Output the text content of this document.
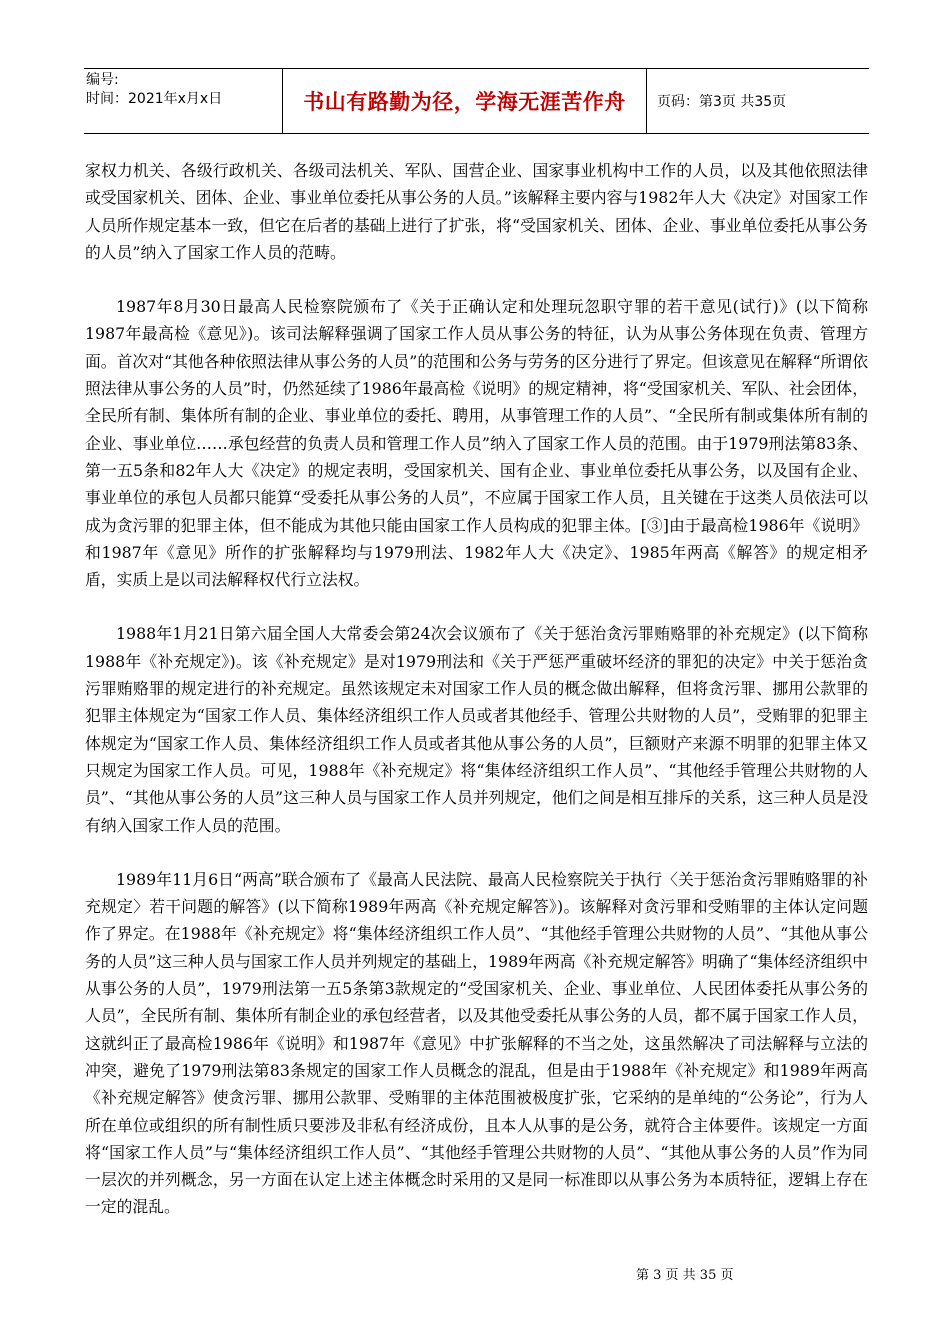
编号:
时间：2021年x月x日	书山有路勤为径，学海无涯苦作舟 页码：第3页 共35页

家权力机关、各级行政机关、各级司法机关、军队、国营企业、国家事业机构中工作的人员，以及其他依照法律或受国家机关、团体、企业、事业单位委托从事公务的人员。”该解释主要内容与1982年人大《决定》对国家工作人员所作规定基本一致，但它在后者的基础上进行了扩张，将“受国家机关、团体、企业、事业单位委托从事公务的人员”纳入了国家工作人员的范畴。

1987年8月30日最高人民检察院颁布了《关于正确认定和处理玩忽职守罪的若干意见(试行)》(以下简称1987年最高检《意见》)。该司法解释强调了国家工作人员从事公务的特征，认为从事公务体现在负责、管理方面。首次对“其他各种依照法律从事公务的人员”的范围和公务与劳务的区分进行了界定。但该意见在解释“所谓依照法律从事公务的人员”时，仍然延续了1986年最高检《说明》的规定精神，将“受国家机关、军队、社会团体，全民所有制、集体所有制的企业、事业单位的委托、聘用，从事管理工作的人员”、“全民所有制或集体所有制的企业、事业单位……承包经营的负责人员和管理工作人员”纳入了国家工作人员的范围。由于1979刑法第83条、第一五5条和82年人大《决定》的规定表明，受国家机关、国有企业、事业单位委托从事公务，以及国有企业、事业单位的承包人员都只能算“受委托从事公务的人员”，不应属于国家工作人员，且关键在于这类人员依法可以成为贪污罪的犯罪主体，但不能成为其他只能由国家工作人员构成的犯罪主体。[③]由于最高检1986年《说明》和1987年《意见》所作的扩张解释均与1979刑法、1982年人大《决定》、1985年两高《解答》的规定相矛盾，实质上是以司法解释权代行立法权。

1988年1月21日第六届全国人大常委会第24次会议颁布了《关于惩治贪污罪贿赂罪的补充规定》(以下简称1988年《补充规定》)。该《补充规定》是对1979刑法和《关于严惩严重破坏经济的罪犯的决定》中关于惩治贪污罪贿赂罪的规定进行的补充规定。虽然该规定未对国家工作人员的概念做出解释，但将贪污罪、挪用公款罪的犯罪主体规定为“国家工作人员、集体经济组织工作人员或者其他经手、管理公共财物的人员”，受贿罪的犯罪主体规定为“国家工作人员、集体经济组织工作人员或者其他从事公务的人员”，巨额财产来源不明罪的犯罪主体又只规定为国家工作人员。可见，1988年《补充规定》将“集体经济组织工作人员”、“其他经手管理公共财物的人员”、“其他从事公务的人员”这三种人员与国家工作人员并列规定，他们之间是相互排斥的关系，这三种人员是没有纳入国家工作人员的范围。

1989年11月6日“两高”联合颁布了《最高人民法院、最高人民检察院关于执行〈关于惩治贪污罪贿赂罪的补充规定〉若干问题的解答》(以下简称1989年两高《补充规定解答》)。该解释对贪污罪和受贿罪的主体认定问题作了界定。在1988年《补充规定》将“集体经济组织工作人员”、“其他经手管理公共财物的人员”、“其他从事公务的人员”这三种人员与国家工作人员并列规定的基础上，1989年两高《补充规定解答》明确了“集体经济组织中从事公务的人员”，1979刑法第一五5条第3款规定的“受国家机关、企业、事业单位、人民团体委托从事公务的人员”，全民所有制、集体所有制企业的承包经营者，以及其他受委托从事公务的人员，都不属于国家工作人员，这就纠正了最高检1986年《说明》和1987年《意见》中扩张解释的不当之处，这虽然解决了司法解释与立法的冲突，避免了1979刑法第83条规定的国家工作人员概念的混乱，但是由于1988年《补充规定》和1989年两高《补充规定解答》使贪污罪、挪用公款罪、受贿罪的主体范围被极度扩张，它采纳的是单纯的“公务论”，行为人所在单位或组织的所有制性质只要涉及非私有经济成份，且本人从事的是公务，就符合主体要件。该规定一方面将“国家工作人员”与“集体经济组织工作人员”、“其他经手管理公共财物的人员”、“其他从事公务的人员”作为同一层次的并列概念，另一方面在认定上述主体概念时采用的又是同一标准即以从事公务为本质特征，逻辑上存在一定的混乱。

第 3 页 共 35 页
